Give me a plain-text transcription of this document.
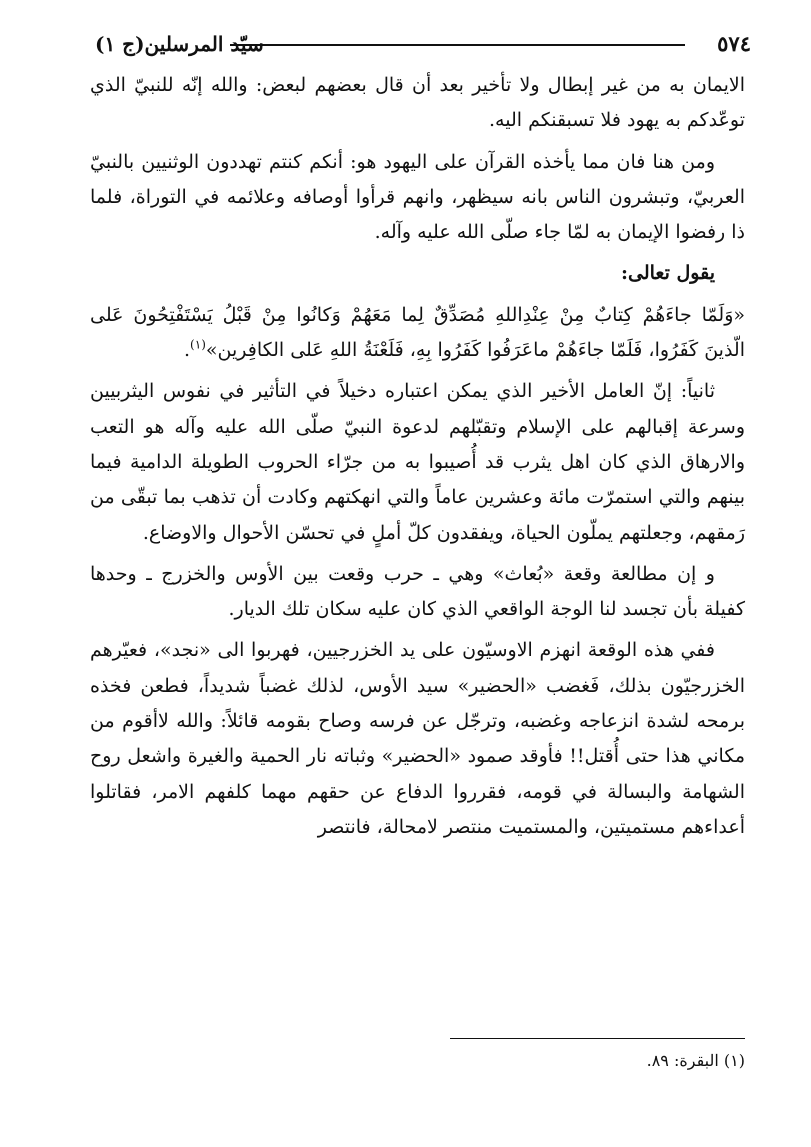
٥٧٤
سيّد المرسلين(ج ١)

الايمان به من غير إبطال ولا تأخير بعد أن قال بعضهم لبعض: والله إنّه للنبيّ الذي توعّدكم به يهود فلا تسبقنكم اليه.

ومن هنا فان مما يأخذه القرآن على اليهود هو: أنكم كنتم تهددون الوثنيين بالنبيّ العربيّ، وتبشرون الناس بانه سيظهر، وانهم قرأوا أوصافه وعلائمه في التوراة، فلما ذا رفضوا الإيمان به لمّا جاء صلّى الله عليه وآله.

يقول تعالى:

«وَلَمّا جاءَهُمْ كِتابٌ مِنْ عِنْدِاللهِ مُصَدِّقٌ لِما مَعَهُمْ وَكانُوا مِنْ قَبْلُ يَسْتَفْتِحُونَ عَلى الّذينَ كَفَرُوا، فَلَمّا جاءَهُمْ ماعَرَفُوا كَفَرُوا بِهِ، فَلَعْنَةُ اللهِ عَلى الكافِرين»$^{(١)}$.

ثانياً: إنّ العامل الأخير الذي يمكن اعتباره دخيلاً في التأثير في نفوس اليثربيين وسرعة إقبالهم على الإسلام وتقبّلهم لدعوة النبيّ صلّى الله عليه وآله هو التعب والارهاق الذي كان اهل يثرب قد أُصيبوا به من جرّاء الحروب الطويلة الدامية فيما بينهم والتي استمرّت مائة وعشرين عاماً والتي انهكتهم وكادت أن تذهب بما تبقّى من رَمقهم، وجعلتهم يملّون الحياة، ويفقدون كلّ أملٍ في تحسّن الأحوال والاوضاع.

و إن مطالعة وقعة «بُعاث» وهي ـ حرب وقعت بين الأوس والخزرج ـ وحدها كفيلة بأن تجسد لنا الوجة الواقعي الذي كان عليه سكان تلك الديار.

ففي هذه الوقعة انهزم الاوسيّون على يد الخزرجيين، فهربوا الى «نجد»، فعيّرهم الخزرجيّون بذلك، فَغضب «الحضير» سيد الأوس، لذلك غضباً شديداً، فطعن فخذه برمحه لشدة انزعاجه وغضبه، وترجّل عن فرسه وصاح بقومه قائلاً: والله لاأقوم من مكاني هذا حتى أُقتل!! فأوقد صمود «الحضير» وثباته نار الحمية والغيرة واشعل روح الشهامة والبسالة في قومه، فقرروا الدفاع عن حقهم مهما كلفهم الامر، فقاتلوا أعداءهم مستميتين، والمستميت منتصر لامحالة، فانتصر

(١) البقرة: ٨٩.
